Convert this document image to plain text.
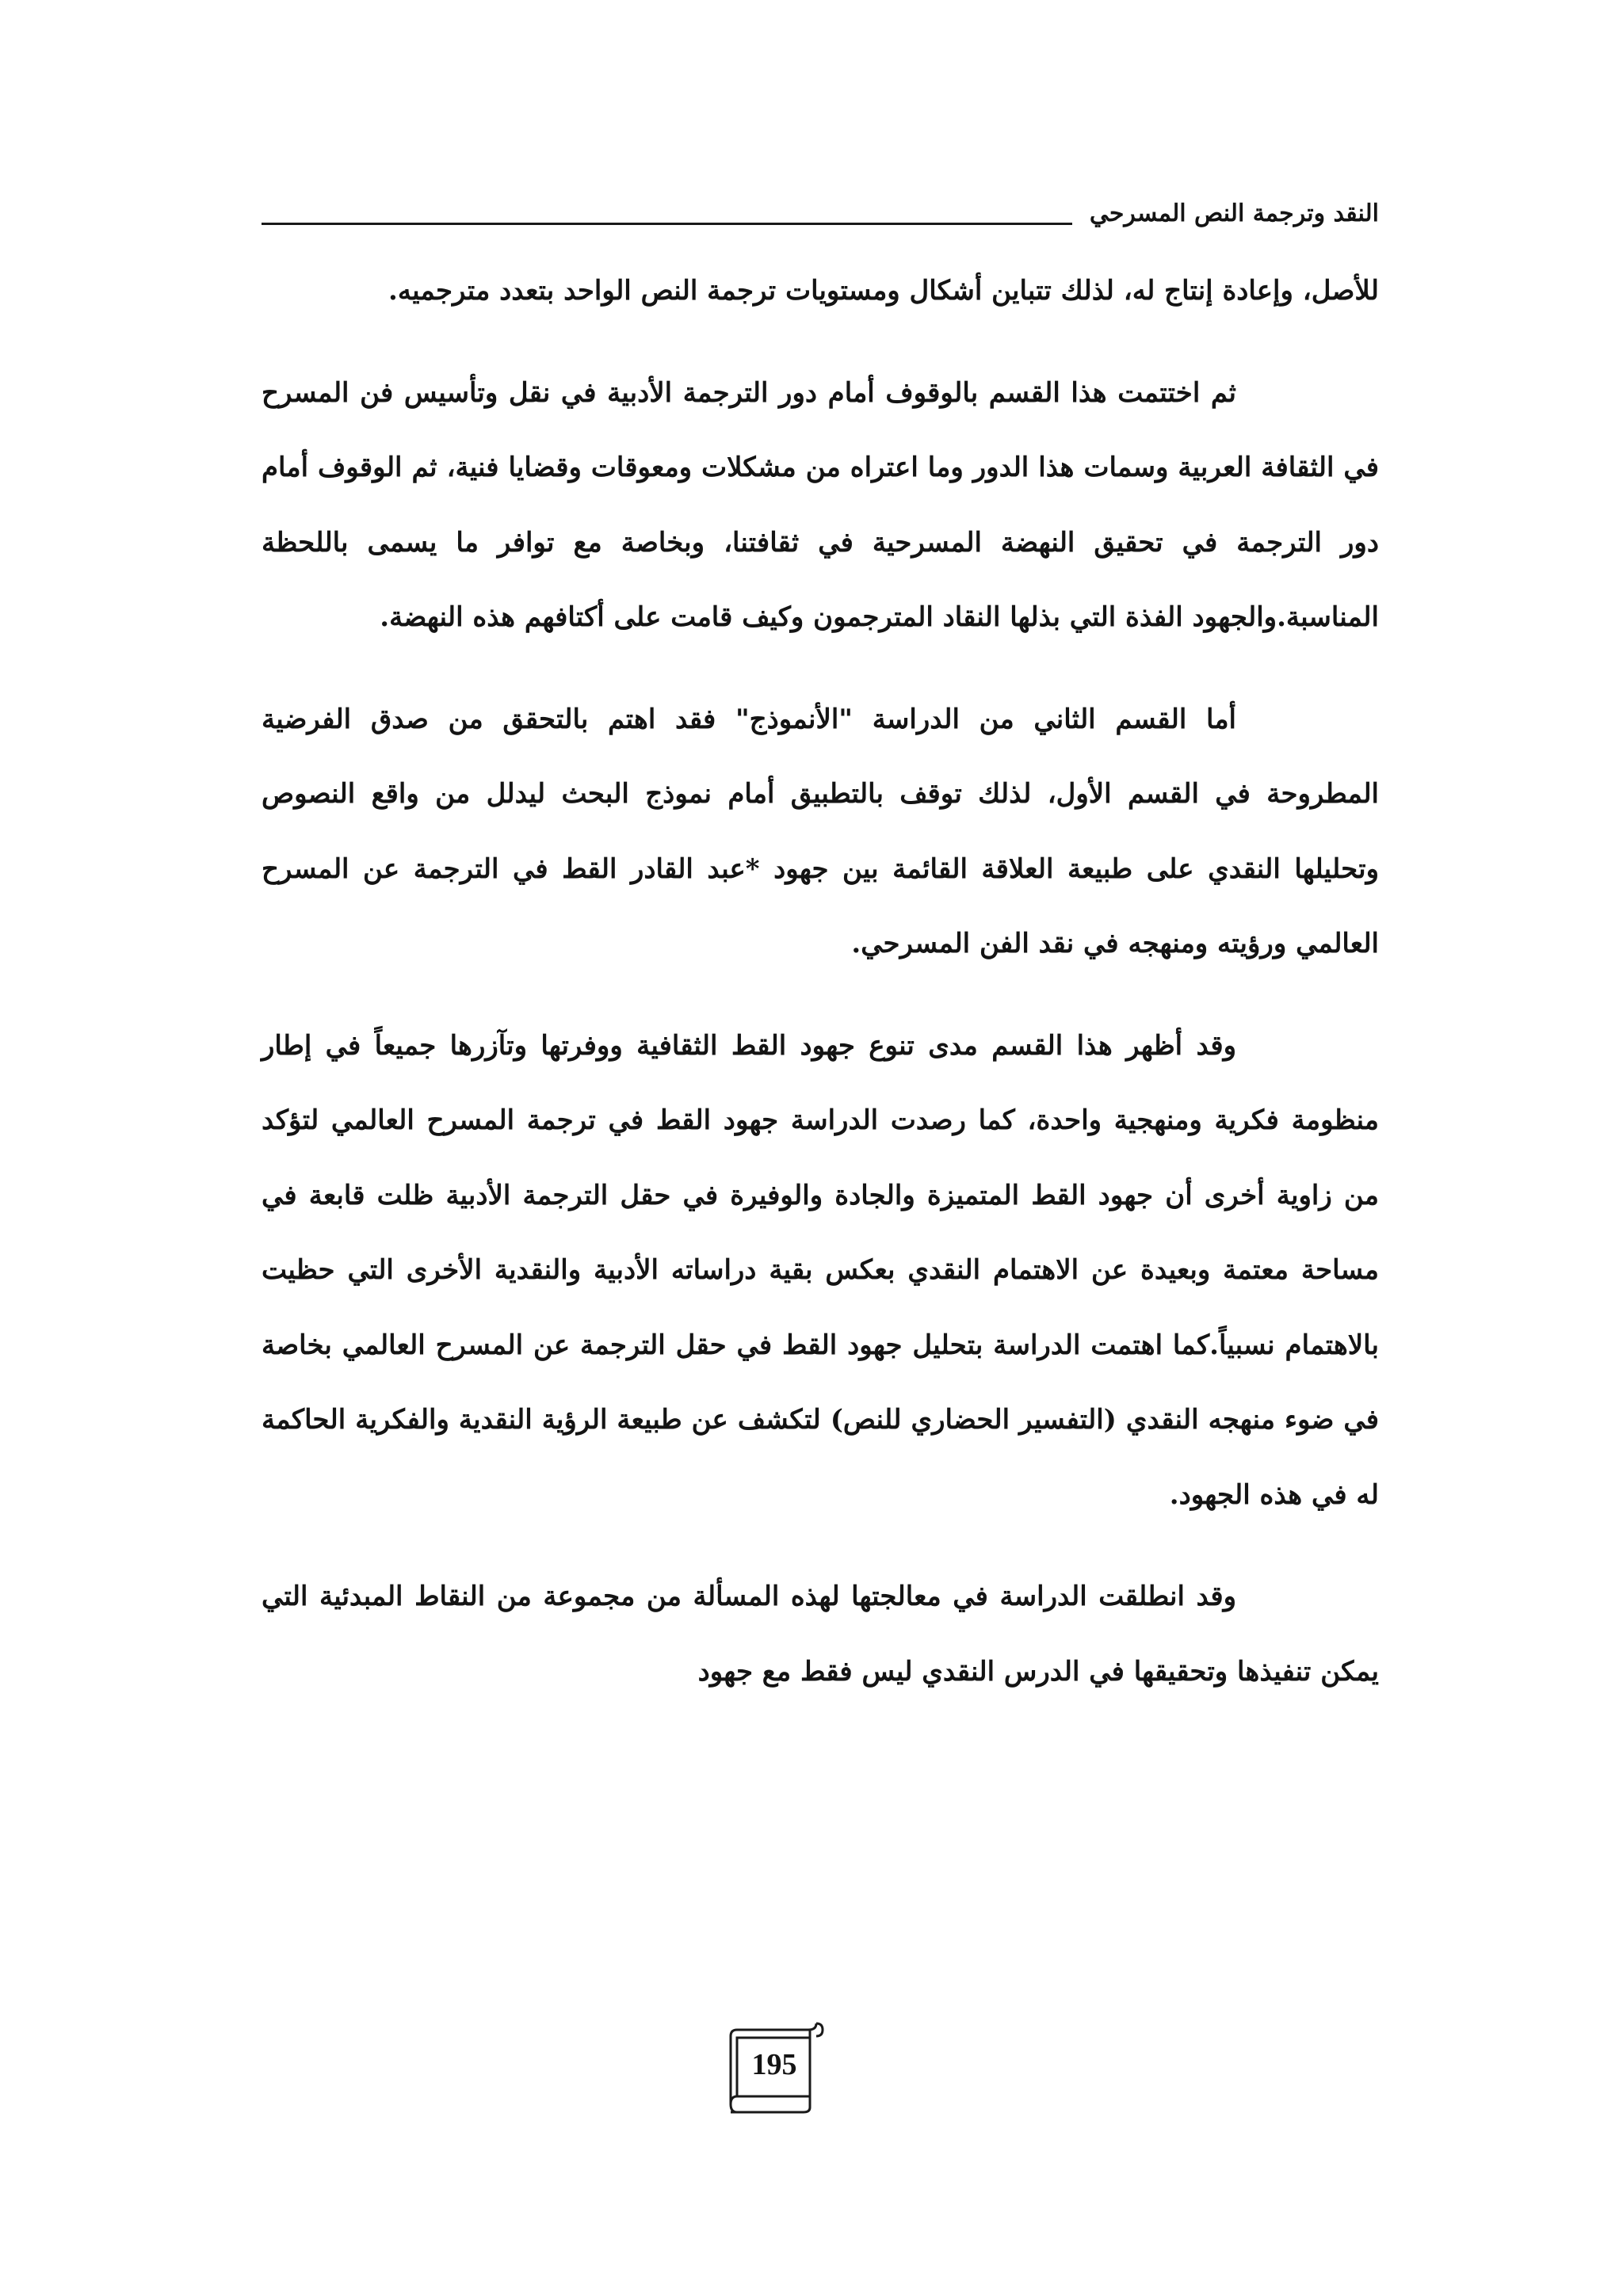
النقد وترجمة النص المسرحي

للأصل، وإعادة إنتاج له، لذلك تتباين أشكال ومستويات ترجمة النص الواحد بتعدد مترجميه.

ثم اختتمت هذا القسم بالوقوف أمام دور الترجمة الأدبية في نقل وتأسيس فن المسرح في الثقافة العربية وسمات هذا الدور وما اعتراه من مشكلات ومعوقات وقضايا فنية، ثم الوقوف أمام دور الترجمة في تحقيق النهضة المسرحية في ثقافتنا، وبخاصة مع توافر ما يسمى باللحظة المناسبة.والجهود الفذة التي بذلها النقاد المترجمون وكيف قامت على أكتافهم هذه النهضة.

أما القسم الثاني من الدراسة "الأنموذج" فقد اهتم بالتحقق من صدق الفرضية المطروحة في القسم الأول، لذلك توقف بالتطبيق أمام نموذج البحث ليدلل من واقع النصوص وتحليلها النقدي على طبيعة العلاقة القائمة بين جهود *عبد القادر القط في الترجمة عن المسرح العالمي ورؤيته ومنهجه في نقد الفن المسرحي.

وقد أظهر هذا القسم مدى تنوع جهود القط الثقافية ووفرتها وتآزرها جميعاً في إطار منظومة فكرية ومنهجية واحدة، كما رصدت الدراسة جهود القط في ترجمة المسرح العالمي لتؤكد من زاوية أخرى أن جهود القط المتميزة والجادة والوفيرة في حقل الترجمة الأدبية ظلت قابعة في مساحة معتمة وبعيدة عن الاهتمام النقدي بعكس بقية دراساته الأدبية والنقدية الأخرى التي حظيت بالاهتمام نسبياً.كما اهتمت الدراسة بتحليل جهود القط في حقل الترجمة عن المسرح العالمي بخاصة في ضوء منهجه النقدي (التفسير الحضاري للنص) لتكشف عن طبيعة الرؤية النقدية والفكرية الحاكمة له في هذه الجهود.

وقد انطلقت الدراسة في معالجتها لهذه المسألة من مجموعة من النقاط المبدئية التي يمكن تنفيذها وتحقيقها في الدرس النقدي ليس فقط مع جهود

195
